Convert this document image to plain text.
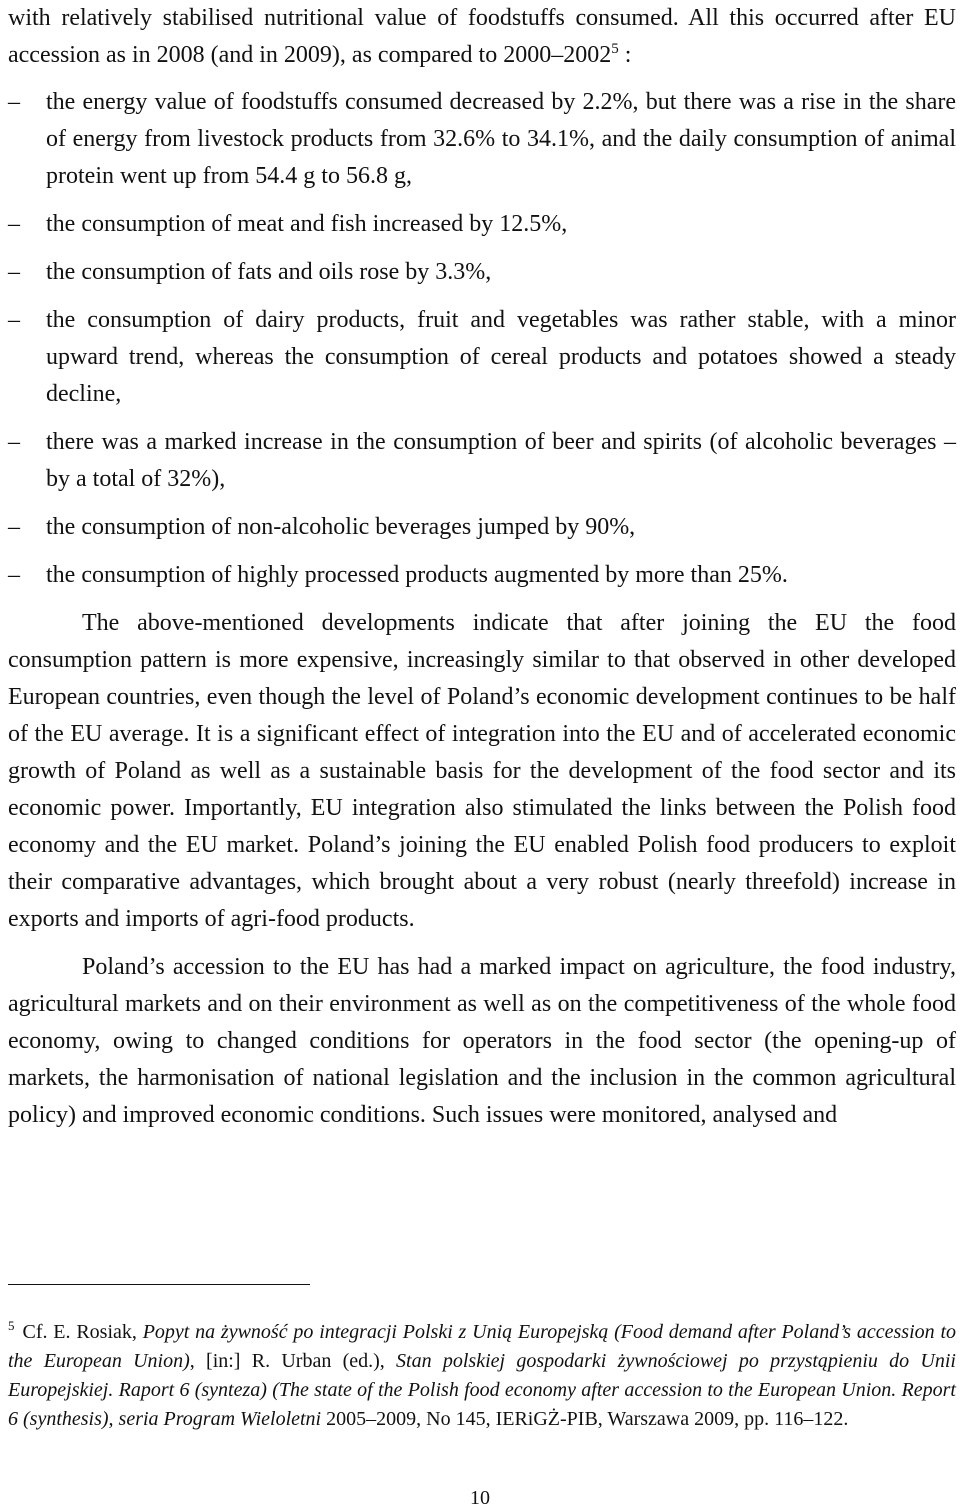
with relatively stabilised nutritional value of foodstuffs consumed. All this occurred after EU accession as in 2008 (and in 2009), as compared to 2000–2002$^5$ :

–	the energy value of foodstuffs consumed decreased by 2.2%, but there was a rise in the share of energy from livestock products from 32.6% to 34.1%, and the daily consumption of animal protein went up from 54.4 g to 56.8 g,
–	the consumption of meat and fish increased by 12.5%,
–	the consumption of fats and oils rose by 3.3%,
–	the consumption of dairy products, fruit and vegetables was rather stable, with a minor upward trend, whereas the consumption of cereal products and potatoes showed a steady decline,
–	there was a marked increase in the consumption of beer and spirits (of alcoholic beverages – by a total of 32%),
–	the consumption of non-alcoholic beverages jumped by 90%,
–	the consumption of highly processed products augmented by more than 25%.

The above-mentioned developments indicate that after joining the EU the food consumption pattern is more expensive, increasingly similar to that observed in other developed European countries, even though the level of Poland’s economic development continues to be half of the EU average. It is a significant effect of integration into the EU and of accelerated economic growth of Poland as well as a sustainable basis for the development of the food sector and its economic power. Importantly, EU integration also stimulated the links between the Polish food economy and the EU market. Poland’s joining the EU enabled Polish food producers to exploit their comparative advantages, which brought about a very robust (nearly threefold) increase in exports and imports of agri-food products.

Poland’s accession to the EU has had a marked impact on agriculture, the food industry, agricultural markets and on their environment as well as on the competitiveness of the whole food economy, owing to changed conditions for operators in the food sector (the opening-up of markets, the harmonisation of national legislation and the inclusion in the common agricultural policy) and improved economic conditions. Such issues were monitored, analysed and

$^5$ Cf. E. Rosiak, Popyt na żywność po integracji Polski z Unią Europejską (Food demand after Poland’s accession to the European Union), [in:] R. Urban (ed.), Stan polskiej gospodarki żywnościowej po przystąpieniu do Unii Europejskiej. Raport 6 (synteza) (The state of the Polish food economy after accession to the European Union. Report 6 (synthesis), seria Program Wieloletni 2005–2009, No 145, IERiGŻ-PIB, Warszawa 2009, pp. 116–122.
10
